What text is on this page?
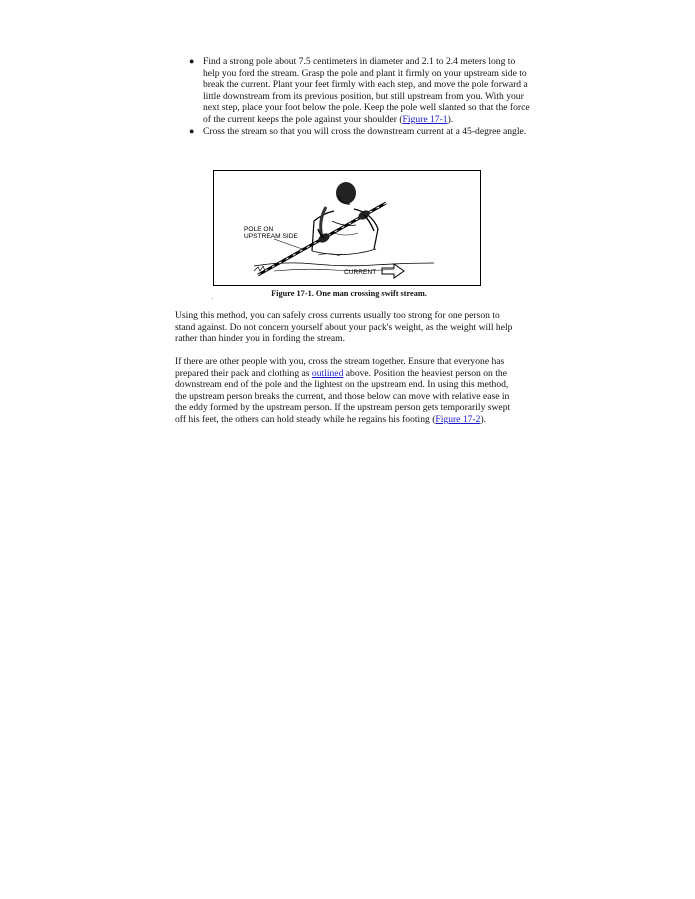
● Find a strong pole about 7.5 centimeters in diameter and 2.1 to 2.4 meters long to help you ford the stream. Grasp the pole and plant it firmly on your upstream side to break the current. Plant your feet firmly with each step, and move the pole forward a little downstream from its previous position, but still upstream from you. With your next step, place your foot below the pole. Keep the pole well slanted so that the force of the current keeps the pole against your shoulder (Figure 17-1).
● Cross the stream so that you will cross the downstream current at a 45-degree angle.
POLE ON
UPSTREAM SIDE
CURRENT
Figure 17-1. One man crossing swift stream.

Using this method, you can safely cross currents usually too strong for one person to stand against. Do not concern yourself about your pack's weight, as the weight will help rather than hinder you in fording the stream.

If there are other people with you, cross the stream together. Ensure that everyone has prepared their pack and clothing as outlined above. Position the heaviest person on the downstream end of the pole and the lightest on the upstream end. In using this method, the upstream person breaks the current, and those below can move with relative ease in the eddy formed by the upstream person. If the upstream person gets temporarily swept off his feet, the others can hold steady while he regains his footing (Figure 17-2).
